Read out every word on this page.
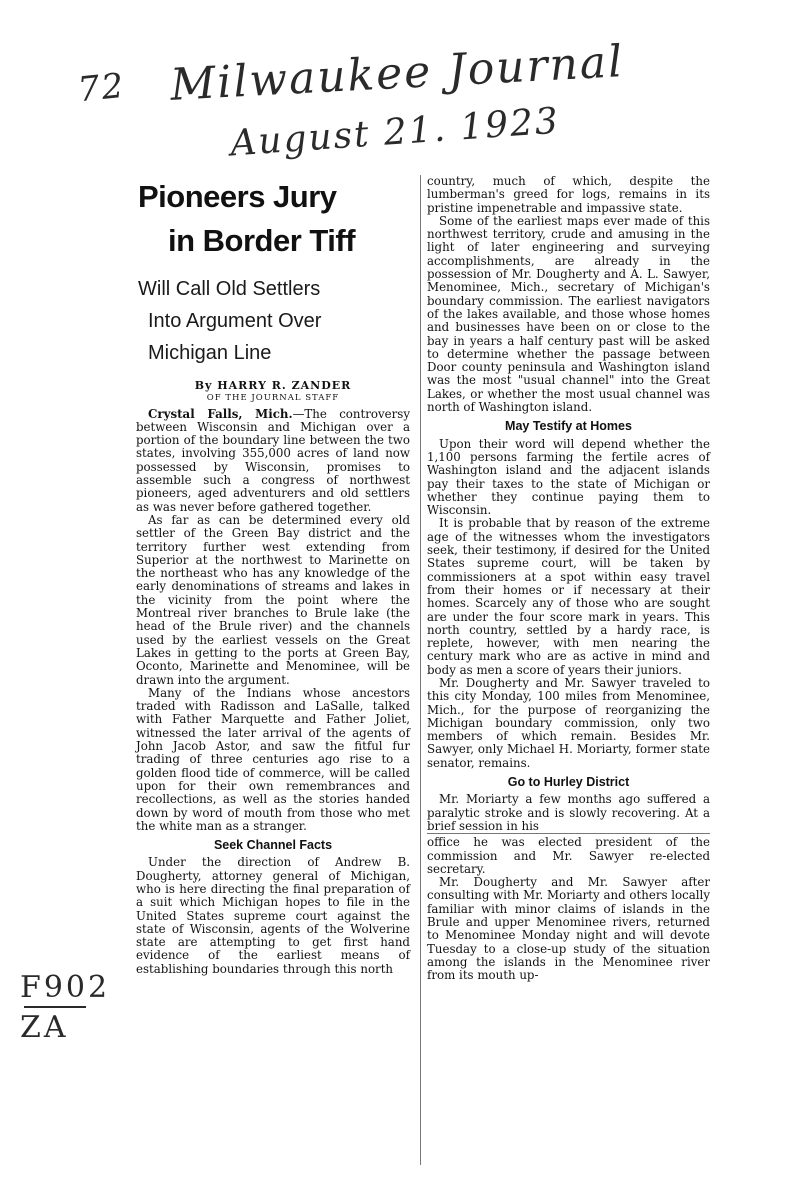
72 Milwaukee Journal
August 21. 1923
F902
ZA
Pioneers Jury
in Border Tiff
Will Call Old Settlers
Into Argument Over
Michigan Line
By HARRY R. ZANDER
OF THE JOURNAL STAFF

Crystal Falls, Mich.—The controversy between Wisconsin and Michigan over a portion of the boundary line between the two states, involving 355,000 acres of land now possessed by Wisconsin, promises to assemble such a congress of northwest pioneers, aged adventurers and old settlers as was never before gathered together.

As far as can be determined every old settler of the Green Bay district and the territory further west extending from Superior at the northwest to Marinette on the northeast who has any knowledge of the early denominations of streams and lakes in the vicinity from the point where the Montreal river branches to Brule lake (the head of the Brule river) and the channels used by the earliest vessels on the Great Lakes in getting to the ports at Green Bay, Oconto, Marinette and Menominee, will be drawn into the argument.

Many of the Indians whose ancestors traded with Radisson and LaSalle, talked with Father Marquette and Father Joliet, witnessed the later arrival of the agents of John Jacob Astor, and saw the fitful fur trading of three centuries ago rise to a golden flood tide of commerce, will be called upon for their own remembrances and recollections, as well as the stories handed down by word of mouth from those who met the white man as a stranger.

Seek Channel Facts

Under the direction of Andrew B. Dougherty, attorney general of Michigan, who is here directing the final preparation of a suit which Michigan hopes to file in the United States supreme court against the state of Wisconsin, agents of the Wolverine state are attempting to get first hand evidence of the earliest means of establishing boundaries through this north

country, much of which, despite the lumberman's greed for logs, remains in its pristine impenetrable and impassive state.

Some of the earliest maps ever made of this northwest territory, crude and amusing in the light of later engineering and surveying accomplishments, are already in the possession of Mr. Dougherty and A. L. Sawyer, Menominee, Mich., secretary of Michigan's boundary commission. The earliest navigators of the lakes available, and those whose homes and businesses have been on or close to the bay in years a half century past will be asked to determine whether the passage between Door county peninsula and Washington island was the most "usual channel" into the Great Lakes, or whether the most usual channel was north of Washington island.

May Testify at Homes

Upon their word will depend whether the 1,100 persons farming the fertile acres of Washington island and the adjacent islands pay their taxes to the state of Michigan or whether they continue paying them to Wisconsin.

It is probable that by reason of the extreme age of the witnesses whom the investigators seek, their testimony, if desired for the United States supreme court, will be taken by commissioners at a spot within easy travel from their homes or if necessary at their homes. Scarcely any of those who are sought are under the four score mark in years. This north country, settled by a hardy race, is replete, however, with men nearing the century mark who are as active in mind and body as men a score of years their juniors.

Mr. Dougherty and Mr. Sawyer traveled to this city Monday, 100 miles from Menominee, Mich., for the purpose of reorganizing the Michigan boundary commission, only two members of which remain. Besides Mr. Sawyer, only Michael H. Moriarty, former state senator, remains.

Go to Hurley District

Mr. Moriarty a few months ago suffered a paralytic stroke and is slowly recovering. At a brief session in his

office he was elected president of the commission and Mr. Sawyer re-elected secretary.

Mr. Dougherty and Mr. Sawyer after consulting with Mr. Moriarty and others locally familiar with minor claims of islands in the Brule and upper Menominee rivers, returned to Menominee Monday night and will devote Tuesday to a close-up study of the situation among the islands in the Menominee river from its mouth up-
